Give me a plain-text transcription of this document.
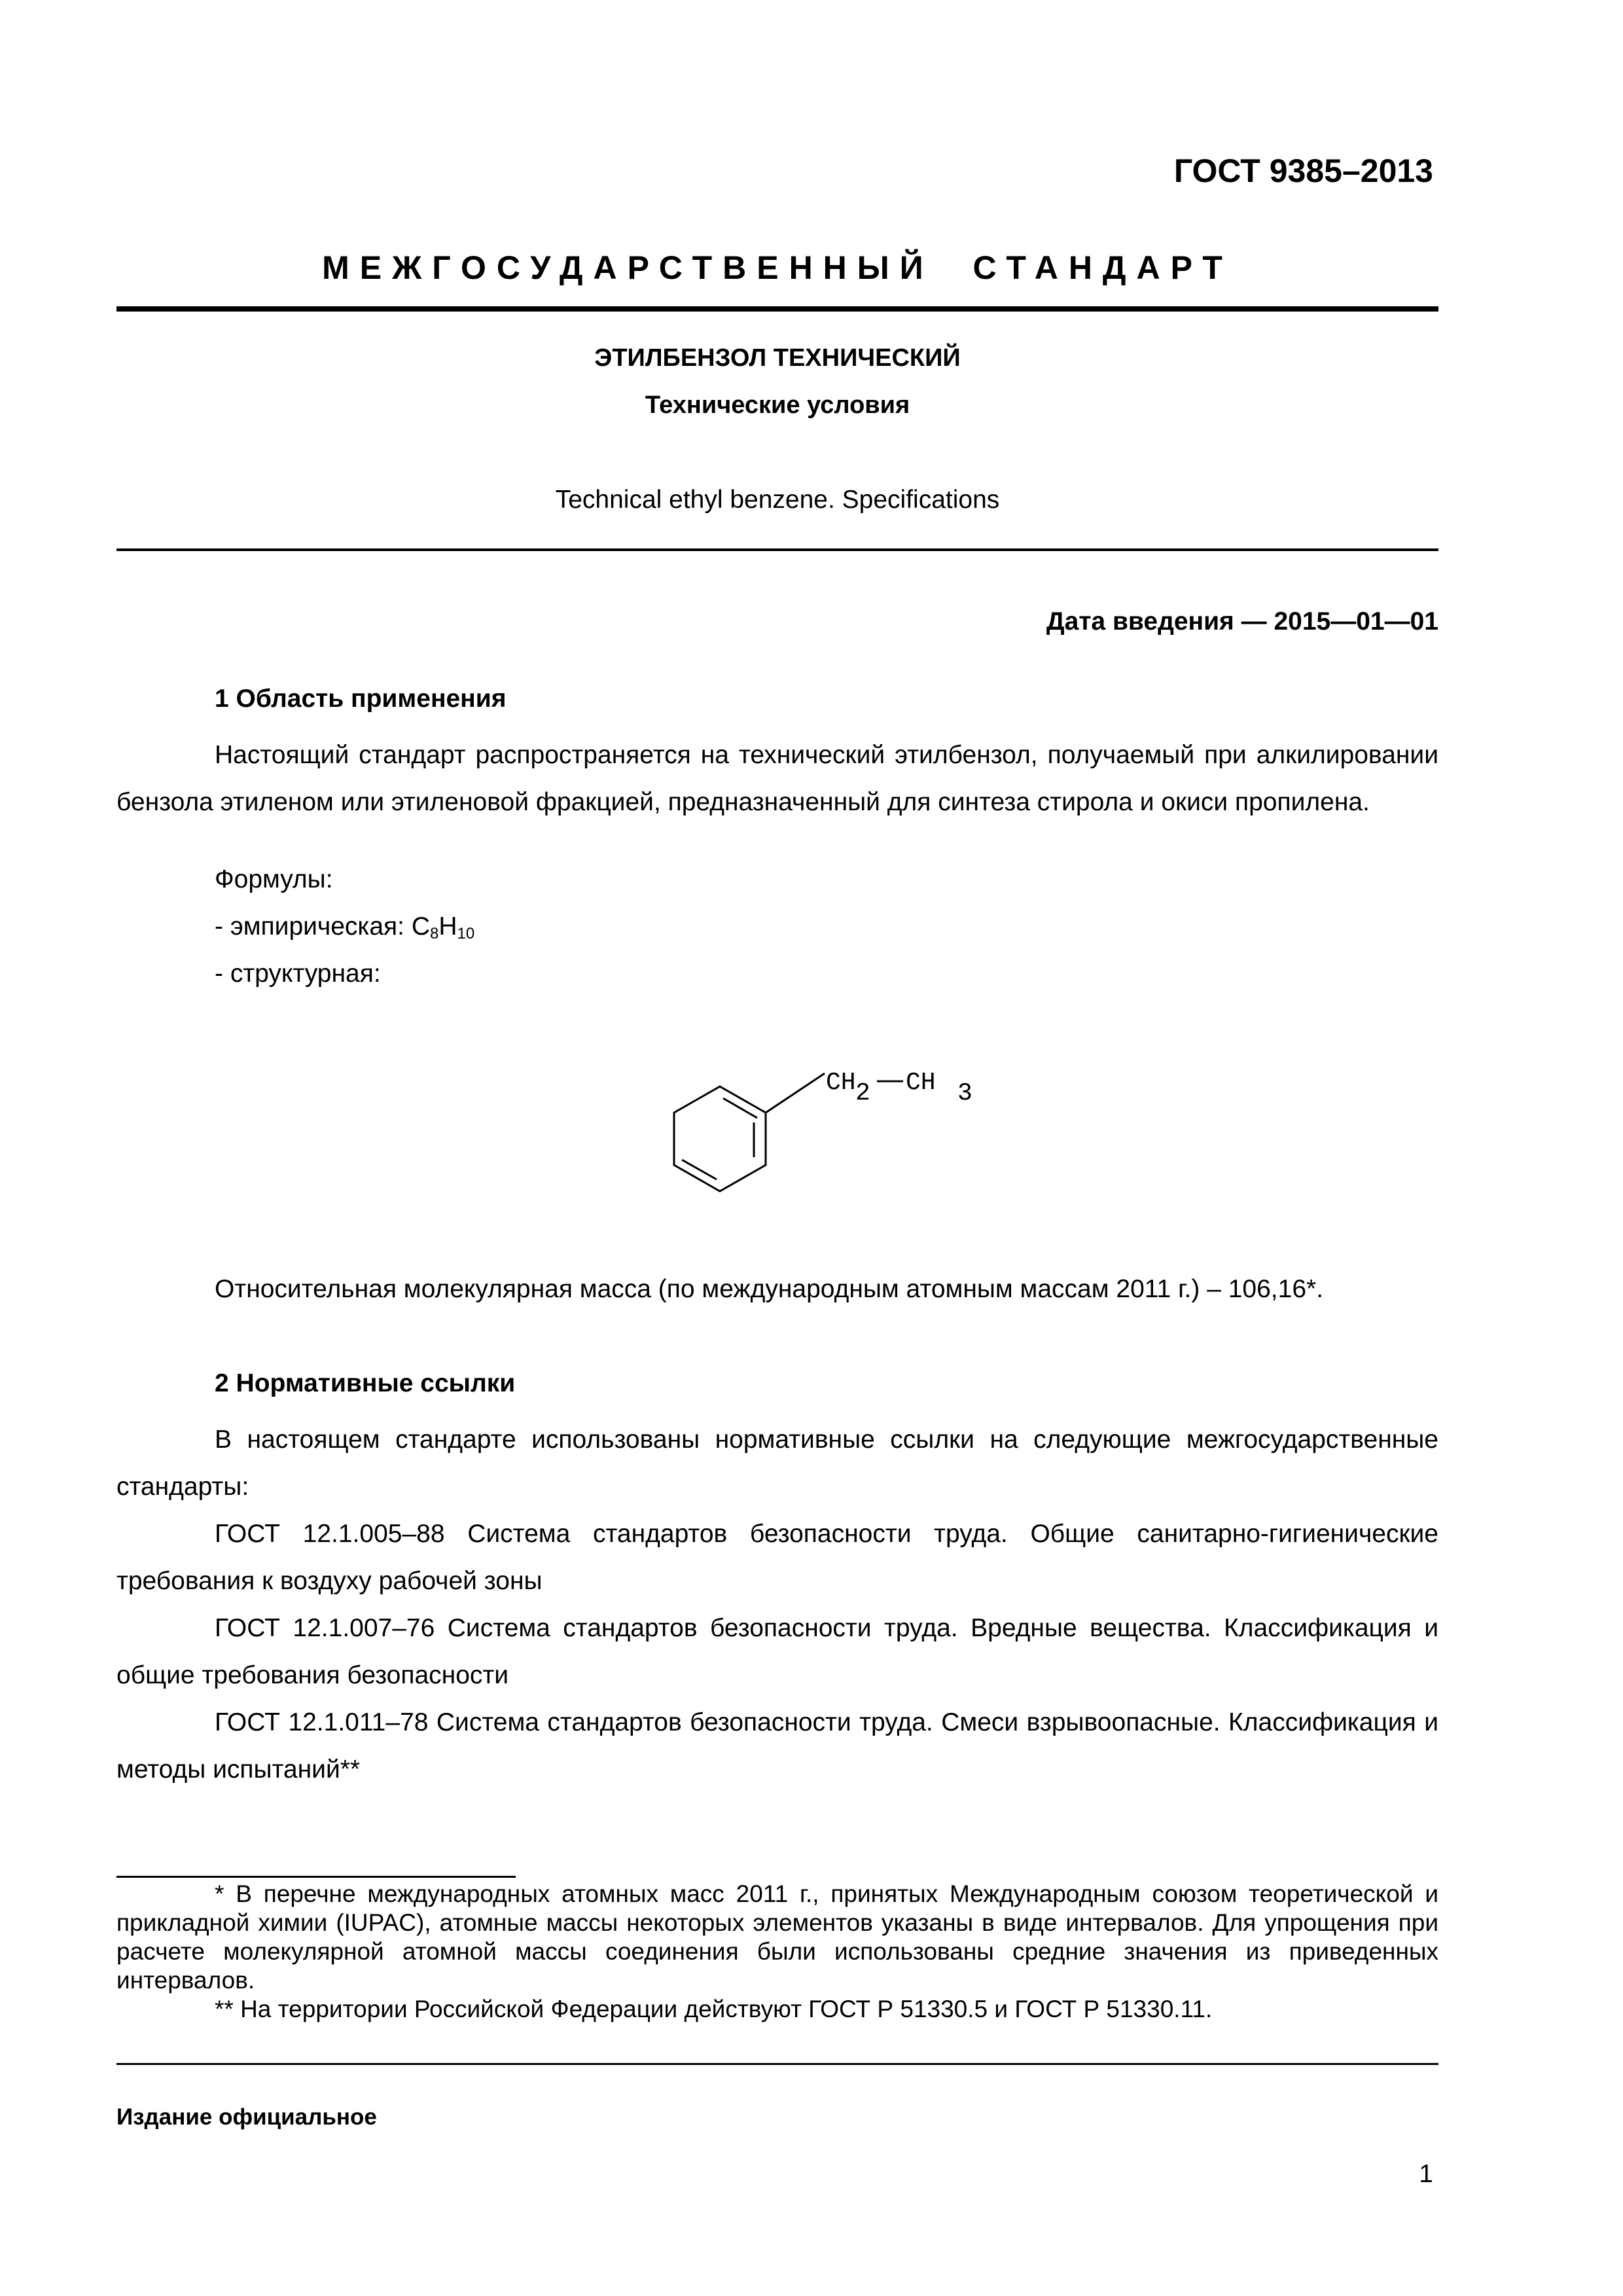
ГОСТ 9385–2013
МЕЖГОСУДАРСТВЕННЫЙ  СТАНДАРТ
ЭТИЛБЕНЗОЛ ТЕХНИЧЕСКИЙ
Технические условия
Technical ethyl benzene. Specifications
Дата введения — 2015—01—01
1 Область применения

Настоящий стандарт распространяется на технический этилбензол, получаемый при алкилировании бензола этиленом или этиленовой фракцией, предназначенный для синтеза стирола и окиси пропилена.

Формулы:
- эмпирическая: $C_8H_{10}$
- структурная:
CH 2 CH 3
Относительная молекулярная масса (по международным атомным массам 2011 г.) – 106,16*.
2 Нормативные ссылки

В настоящем стандарте использованы нормативные ссылки на следующие межгосударственные стандарты:

ГОСТ 12.1.005–88 Система стандартов безопасности труда. Общие санитарно-гигиенические требования к воздуху рабочей зоны

ГОСТ 12.1.007–76 Система стандартов безопасности труда. Вредные вещества. Классификация и общие требования безопасности

ГОСТ 12.1.011–78 Система стандартов безопасности труда. Смеси взрывоопасные. Классификация и методы испытаний**

* В перечне международных атомных масс 2011 г., принятых Международным союзом теоретической и прикладной химии (IUPAC), атомные массы некоторых элементов указаны в виде интервалов. Для упрощения при расчете молекулярной атомной массы соединения были использованы средние значения из приведенных интервалов.

** На территории Российской Федерации действуют ГОСТ Р 51330.5 и ГОСТ Р 51330.11.

Издание официальное
1
